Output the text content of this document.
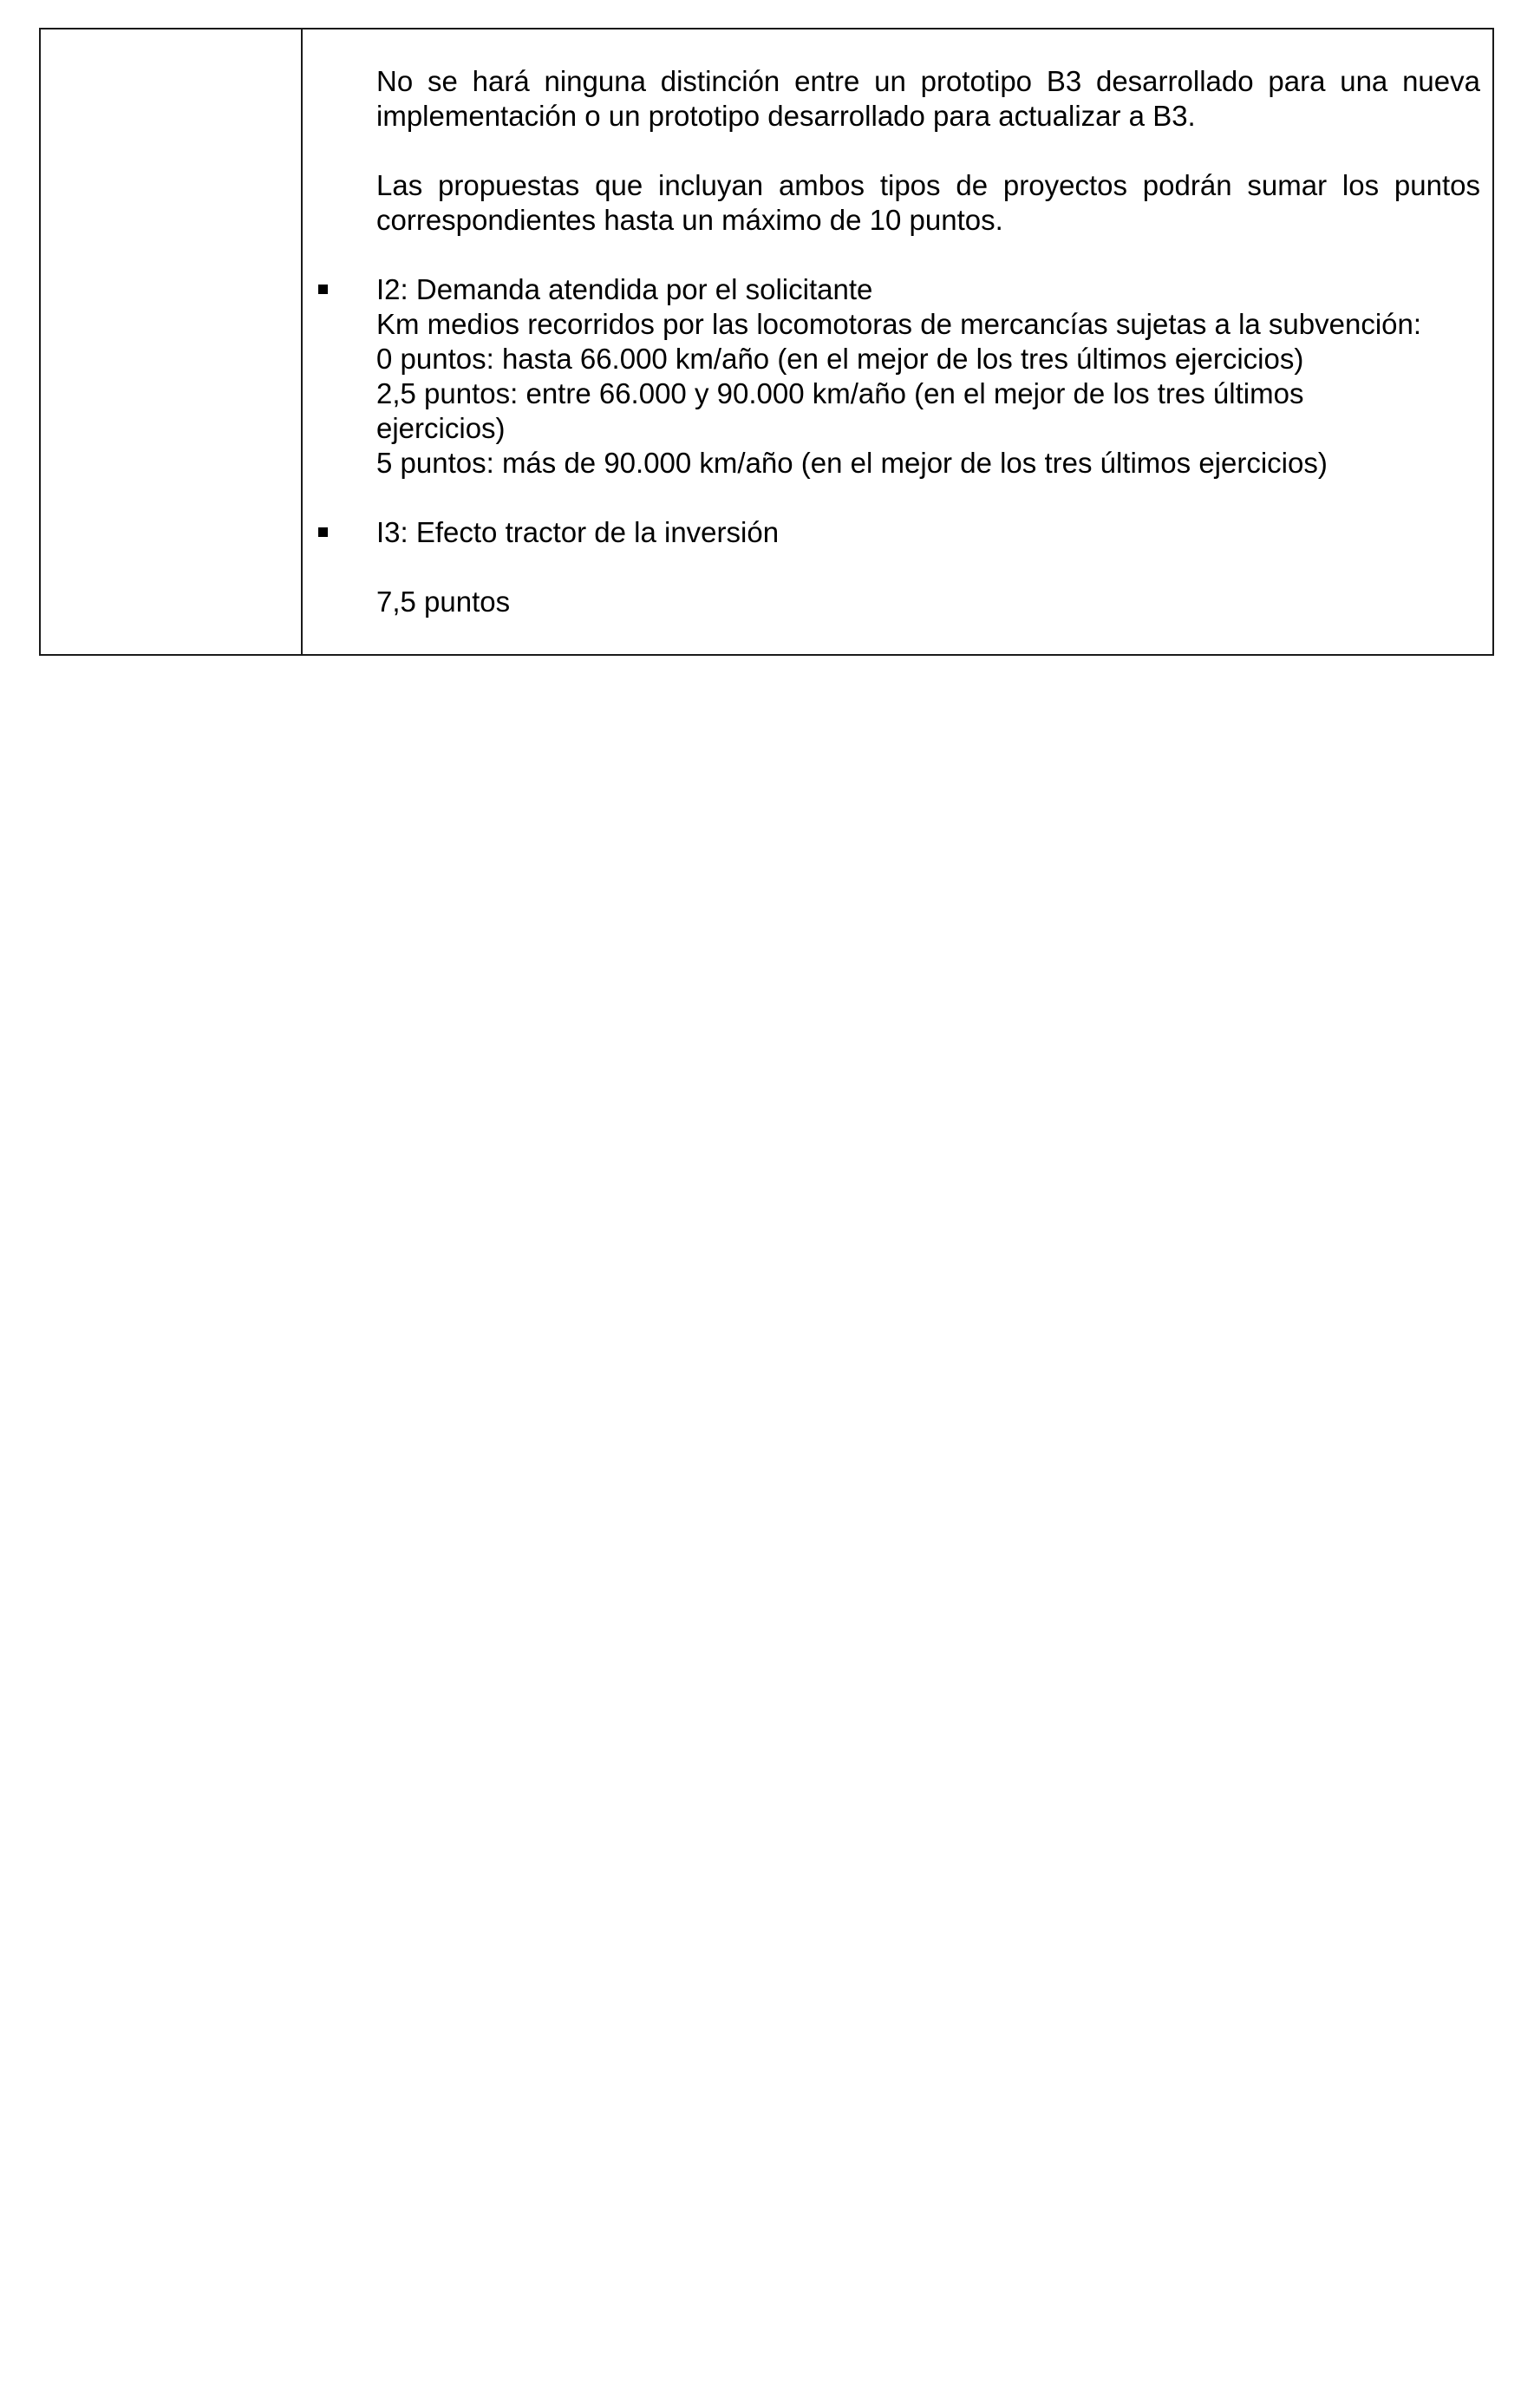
No se hará ninguna distinción entre un prototipo B3 desarrollado para una nueva implementación o un prototipo desarrollado para actualizar a B3.

Las propuestas que incluyan ambos tipos de proyectos podrán sumar los puntos correspondientes hasta un máximo de 10 puntos.

I2: Demanda atendida por el solicitante
Km medios recorridos por las locomotoras de mercancías sujetas a la subvención:
0 puntos: hasta 66.000 km/año (en el mejor de los tres últimos ejercicios)
2,5 puntos: entre 66.000 y 90.000 km/año (en el mejor de los tres últimos ejercicios)
5 puntos: más de 90.000 km/año (en el mejor de los tres últimos ejercicios)
I3: Efecto tractor de la inversión
7,5 puntos
